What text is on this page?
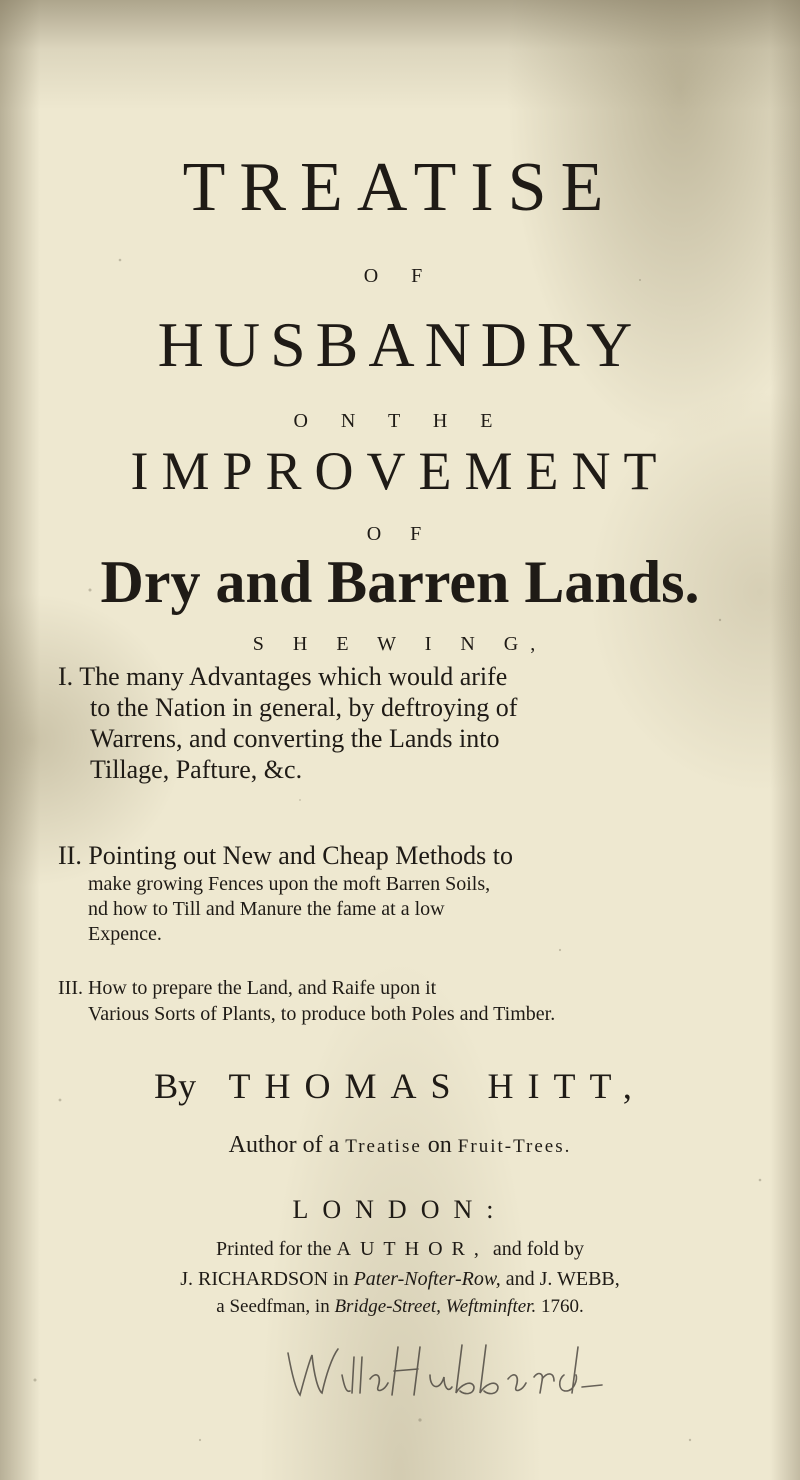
TREATISE
O F
HUSBANDRY
O N T H E
IMPROVEMENT
O F
Dry and Barren Lands.
S H E W I N G,
I. The many Advantages which would arife
to the Nation in general, by deftroying of
Warrens, and converting the Lands into
Tillage, Pafture, &c.
II. Pointing out New and Cheap Methods to
make growing Fences upon the moft Barren Soils,
nd how to Till and Manure the fame at a low
Expence.
III. How to prepare the Land, and Raife upon it
Various Sorts of Plants, to produce both Poles and Timber.
By THOMAS HITT,
Author of a Treatise on Fruit-Trees.
LONDON:
Printed for the AUTHOR, and fold by
J. RICHARDSON in Pater-Nofter-Row, and J. WEBB,
a Seedfman, in Bridge-Street, Weftminfter. 1760.
